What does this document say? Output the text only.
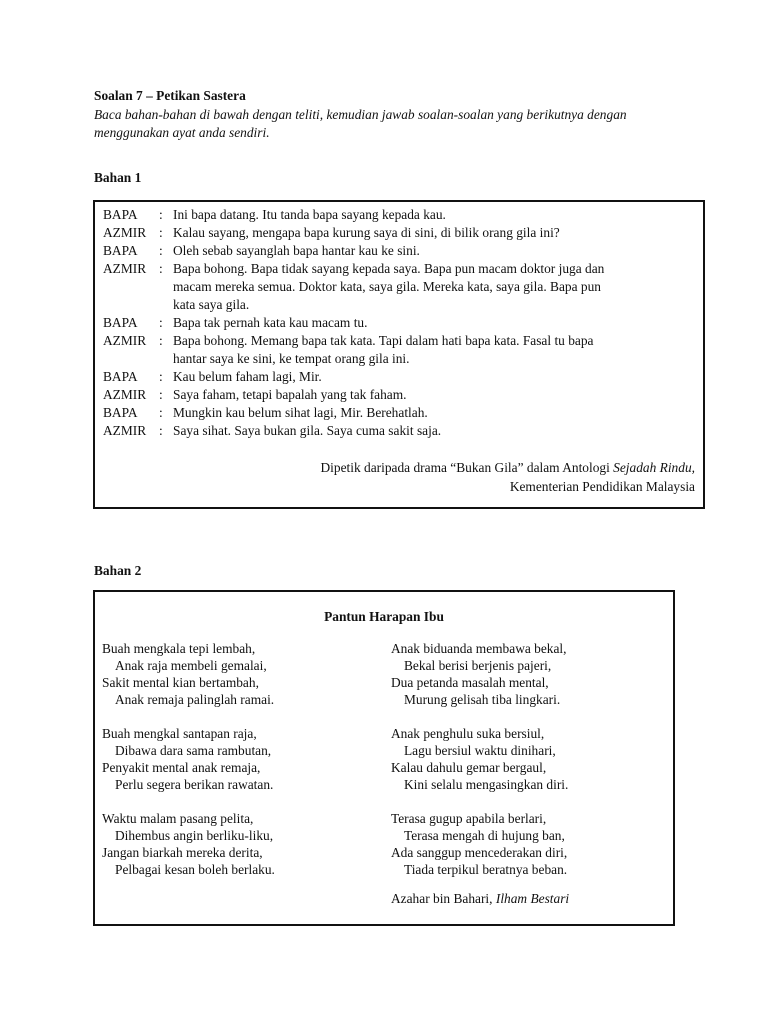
Soalan 7 – Petikan Sastera
Baca bahan-bahan di bawah dengan teliti, kemudian jawab soalan-soalan yang berikutnya dengan menggunakan ayat anda sendiri.
Bahan 1
BAPA : Ini bapa datang. Itu tanda bapa sayang kepada kau.
AZMIR : Kalau sayang, mengapa bapa kurung saya di sini, di bilik orang gila ini?
BAPA : Oleh sebab sayanglah bapa hantar kau ke sini.
AZMIR : Bapa bohong. Bapa tidak sayang kepada saya. Bapa pun macam doktor juga dan
macam mereka semua. Doktor kata, saya gila. Mereka kata, saya gila. Bapa pun
kata saya gila.
BAPA : Bapa tak pernah kata kau macam tu.
AZMIR : Bapa bohong. Memang bapa tak kata. Tapi dalam hati bapa kata. Fasal tu bapa
hantar saya ke sini, ke tempat orang gila ini.
BAPA : Kau belum faham lagi, Mir.
AZMIR : Saya faham, tetapi bapalah yang tak faham.
BAPA : Mungkin kau belum sihat lagi, Mir. Berehatlah.
AZMIR : Saya sihat. Saya bukan gila. Saya cuma sakit saja.
Dipetik daripada drama “Bukan Gila” dalam Antologi Sejadah Rindu,
Kementerian Pendidikan Malaysia
Bahan 2
Pantun Harapan Ibu
Buah mengkala tepi lembah,
Anak raja membeli gemalai,
Sakit mental kian bertambah,
Anak remaja palinglah ramai.
Buah mengkal santapan raja,
Dibawa dara sama rambutan,
Penyakit mental anak remaja,
Perlu segera berikan rawatan.
Waktu malam pasang pelita,
Dihembus angin berliku-liku,
Jangan biarkah mereka derita,
Pelbagai kesan boleh berlaku.
Anak biduanda membawa bekal,
Bekal berisi berjenis pajeri,
Dua petanda masalah mental,
Murung gelisah tiba lingkari.
Anak penghulu suka bersiul,
Lagu bersiul waktu dinihari,
Kalau dahulu gemar bergaul,
Kini selalu mengasingkan diri.
Terasa gugup apabila berlari,
Terasa mengah di hujung ban,
Ada sanggup mencederakan diri,
Tiada terpikul beratnya beban.
Azahar bin Bahari, Ilham Bestari
